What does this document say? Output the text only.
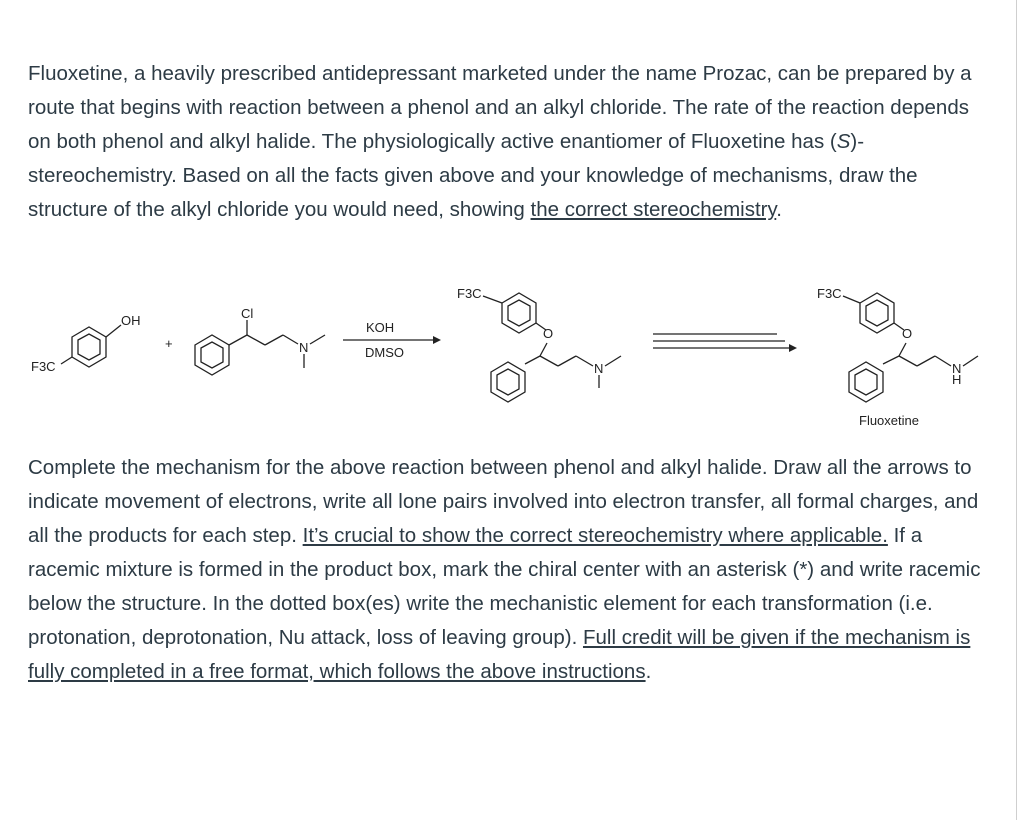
Fluoxetine, a heavily prescribed antidepressant marketed under the name Prozac, can be prepared by a route that begins with reaction between a phenol and an alkyl chloride. The rate of the reaction depends on both phenol and alkyl halide. The physiologically active enantiomer of Fluoxetine has (S)-stereochemistry. Based on all the facts given above and your knowledge of mechanisms, draw the structure of the alkyl chloride you would need, showing the correct stereochemistry.

OH
F3C
+
Cl
N
KOH
DMSO
F3C
O
N
F3C
O
N
H
Fluoxetine

Complete the mechanism for the above reaction between phenol and alkyl halide. Draw all the arrows to indicate movement of electrons, write all lone pairs involved into electron transfer, all formal charges, and all the products for each step. It’s crucial to show the correct stereochemistry where applicable. If a racemic mixture is formed in the product box, mark the chiral center with an asterisk (*) and write racemic below the structure. In the dotted box(es) write the mechanistic element for each transformation (i.e. protonation, deprotonation, Nu attack, loss of leaving group). Full credit will be given if the mechanism is fully completed in a free format, which follows the above instructions.
